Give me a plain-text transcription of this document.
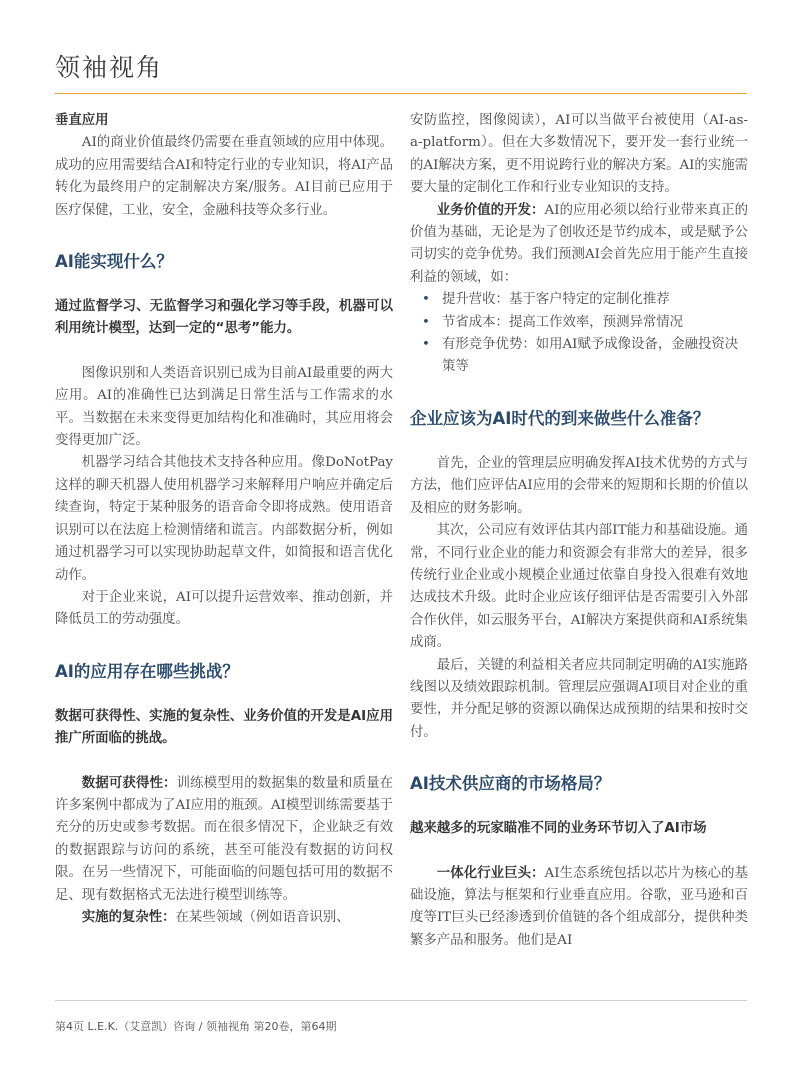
领袖视角
垂直应用

AI的商业价值最终仍需要在垂直领域的应用中体现。成功的应用需要结合AI和特定行业的专业知识，将AI产品转化为最终用户的定制解决方案/服务。AI目前已应用于医疗保健，工业，安全，金融科技等众多行业。

AI能实现什么？

通过监督学习、无监督学习和强化学习等手段，机器可以利用统计模型，达到一定的“思考”能力。

图像识别和人类语音识别已成为目前AI最重要的两大应用。AI的准确性已达到满足日常生活与工作需求的水平。当数据在未来变得更加结构化和准确时，其应用将会变得更加广泛。

机器学习结合其他技术支持各种应用。像DoNotPay这样的聊天机器人使用机器学习来解释用户响应并确定后续查询，特定于某种服务的语音命令即将成熟。使用语音识别可以在法庭上检测情绪和谎言。内部数据分析，例如通过机器学习可以实现协助起草文件，如简报和语言优化动作。

对于企业来说，AI可以提升运营效率、推动创新，并降低员工的劳动强度。

AI的应用存在哪些挑战？

数据可获得性、实施的复杂性、业务价值的开发是AI应用推广所面临的挑战。

数据可获得性：训练模型用的数据集的数量和质量在许多案例中都成为了AI应用的瓶颈。AI模型训练需要基于充分的历史或参考数据。而在很多情况下，企业缺乏有效的数据跟踪与访问的系统，甚至可能没有数据的访问权限。在另一些情况下，可能面临的问题包括可用的数据不足、现有数据格式无法进行模型训练等。

实施的复杂性：在某些领域（例如语音识别、

安防监控，图像阅读），AI可以当做平台被使用（AI-as-a-platform）。但在大多数情况下，要开发一套行业统一的AI解决方案，更不用说跨行业的解决方案。AI的实施需要大量的定制化工作和行业专业知识的支持。

业务价值的开发：AI的应用必须以给行业带来真正的价值为基础，无论是为了创收还是节约成本，或是赋予公司切实的竞争优势。我们预测AI会首先应用于能产生直接利益的领域，如：

• 提升营收：基于客户特定的定制化推荐
• 节省成本：提高工作效率，预测异常情况
• 有形竞争优势：如用AI赋予成像设备，金融投资决策等
企业应该为AI时代的到来做些什么准备？

首先，企业的管理层应明确发挥AI技术优势的方式与方法，他们应评估AI应用的会带来的短期和长期的价值以及相应的财务影响。

其次，公司应有效评估其内部IT能力和基础设施。通常，不同行业企业的能力和资源会有非常大的差异，很多传统行业企业或小规模企业通过依靠自身投入很难有效地达成技术升级。此时企业应该仔细评估是否需要引入外部合作伙伴，如云服务平台，AI解决方案提供商和AI系统集成商。

最后，关键的利益相关者应共同制定明确的AI实施路线图以及绩效跟踪机制。管理层应强调AI项目对企业的重要性，并分配足够的资源以确保达成预期的结果和按时交付。

AI技术供应商的市场格局？

越来越多的玩家瞄准不同的业务环节切入了AI市场

一体化行业巨头：AI生态系统包括以芯片为核心的基础设施，算法与框架和行业垂直应用。谷歌，亚马逊和百度等IT巨头已经渗透到价值链的各个组成部分，提供种类繁多产品和服务。他们是AI

第4页 L.E.K.（艾意凯）咨询 / 领袖视角 第20卷，第64期
